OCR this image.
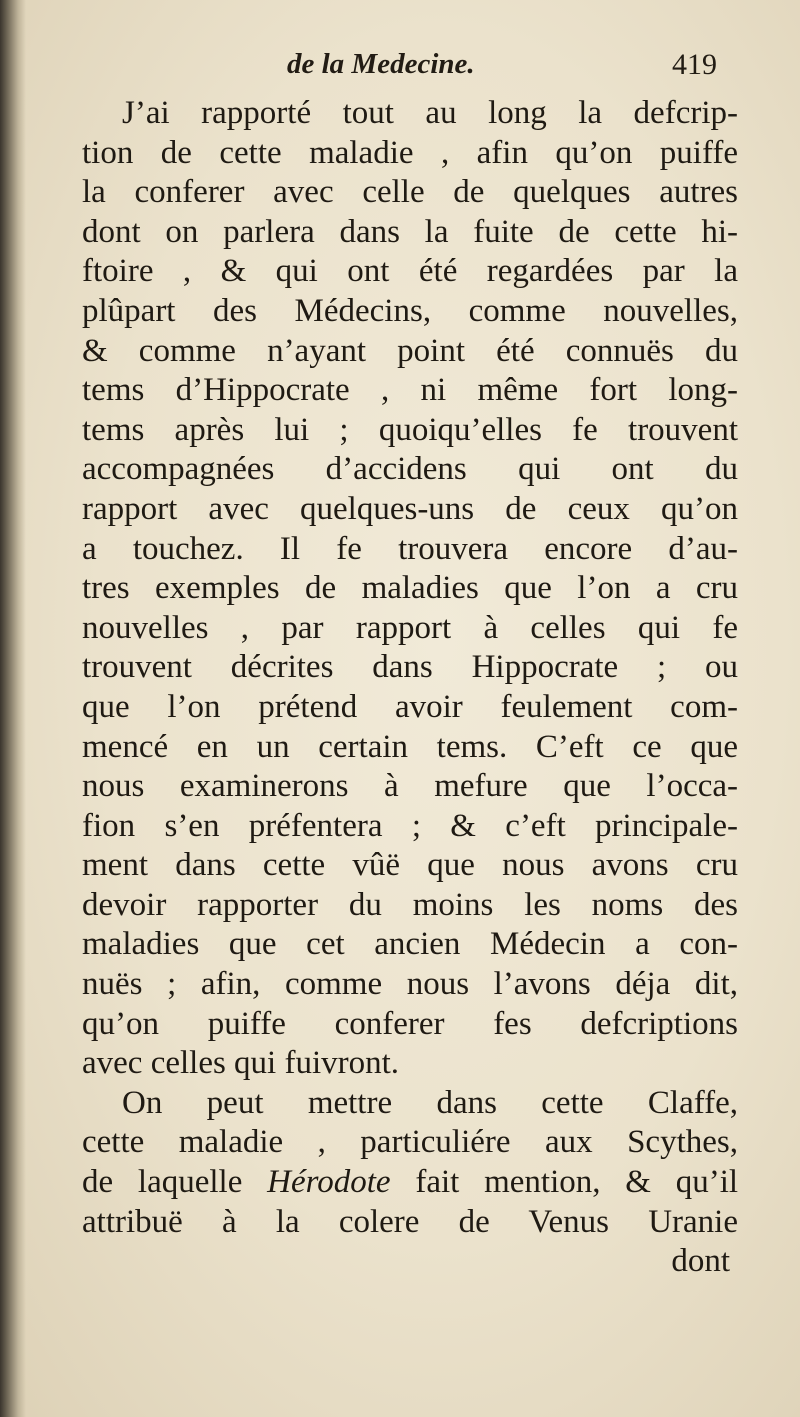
de la Medecine.	419
J’ai rapporté tout au long la defcrip-
tion de cette maladie , afin qu’on puiffe
la conferer avec celle de quelques autres
dont on parlera dans la fuite de cette hi-
ftoire , & qui ont été regardées par la
plûpart des Médecins, comme nouvelles,
& comme n’ayant point été connuës du
tems d’Hippocrate , ni même fort long-
tems après lui ; quoiqu’elles fe trouvent
accompagnées d’accidens qui ont du
rapport avec quelques-uns de ceux qu’on
a touchez. Il fe trouvera encore d’au-
tres exemples de maladies que l’on a cru
nouvelles , par rapport à celles qui fe
trouvent décrites dans Hippocrate ; ou
que l’on prétend avoir feulement com-
mencé en un certain tems. C’eft ce que
nous examinerons à mefure que l’occa-
fion s’en préfentera ; & c’eft principale-
ment dans cette vûë que nous avons cru
devoir rapporter du moins les noms des
maladies que cet ancien Médecin a con-
nuës ; afin, comme nous l’avons déja dit,
qu’on puiffe conferer fes defcriptions
avec celles qui fuivront.
On peut mettre dans cette Claffe,
cette maladie , particuliére aux Scythes,
de laquelle Hérodote fait mention, & qu’il
attribuë à la colere de Venus Uranie
dont
